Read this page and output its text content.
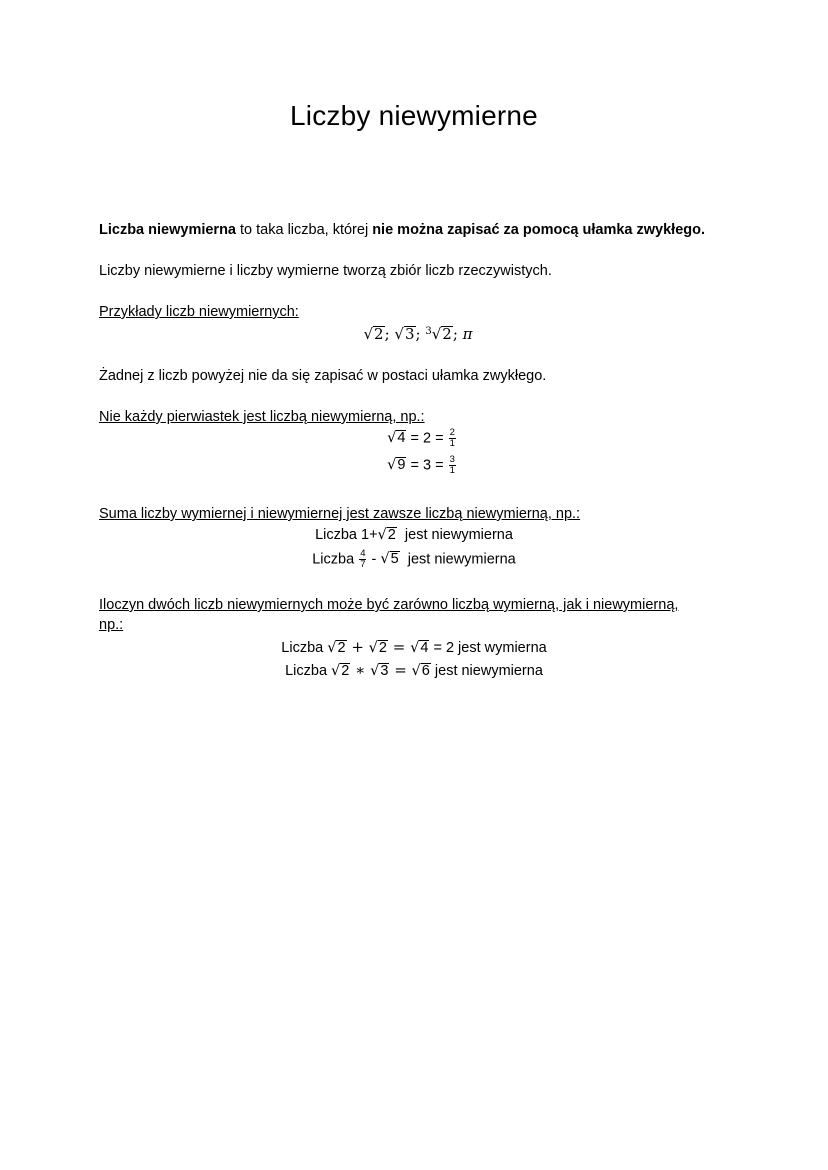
Liczby niewymierne
Liczba niewymierna to taka liczba, której nie można zapisać za pomocą ułamka zwykłego.
Liczby niewymierne i liczby wymierne tworzą zbiór liczb rzeczywistych.
Przykłady liczb niewymiernych:
√2; √3; $^3$√2; π
Żadnej z liczb powyżej nie da się zapisać w postaci ułamka zwykłego.
Nie każdy pierwiastek jest liczbą niewymierną, np.:
$√4 = 2 = \frac{2}{1}$
$√9 = 3 = \frac{3}{1}$
Suma liczby wymiernej i niewymiernej jest zawsze liczbą niewymierną, np.:
Liczba 1+√2  jest niewymierna
Liczba $\frac{4}{7} - √5$  jest niewymierna
Iloczyn dwóch liczb niewymiernych może być zarówno liczbą wymierną, jak i niewymierną,
np.:
Liczba √2 + √2 = √4 = 2 jest wymierna
Liczba √2 ∗ √3 = √6 jest niewymierna
